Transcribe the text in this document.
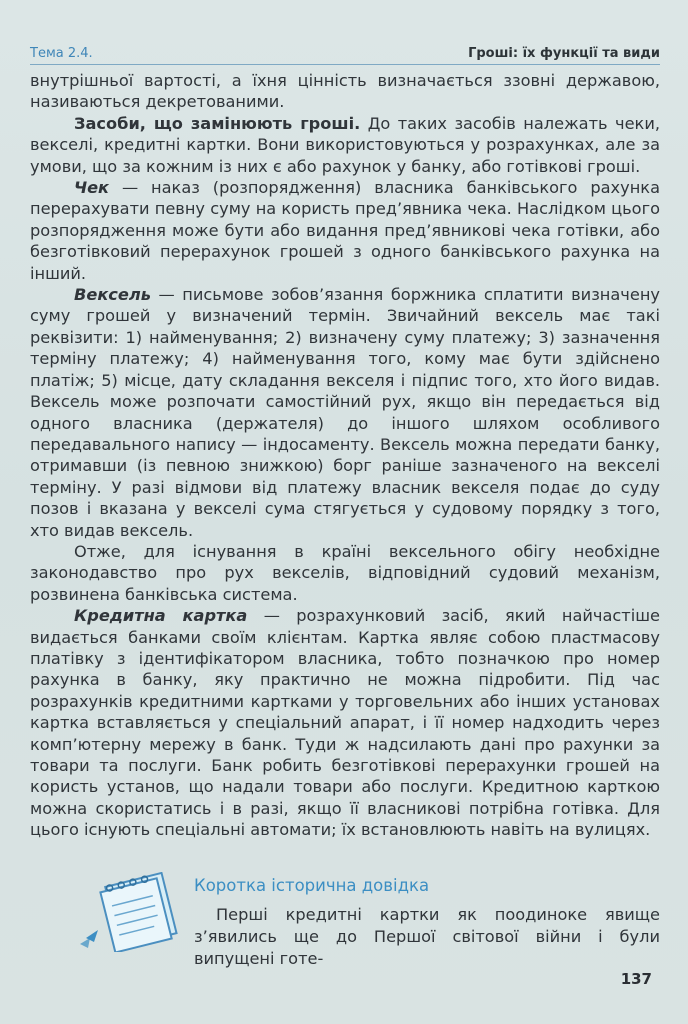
Тема 2.4.	Гроші: їх функції та види

внутрішньої вартості, а їхня цінність визначається ззовні державою, називаються декретованими.

Засоби, що замінюють гроші. До таких засобів належать чеки, векселі, кредитні картки. Вони використовуються у розрахунках, але за умови, що за кожним із них є або рахунок у банку, або готівкові гроші.

Чек — наказ (розпорядження) власника банківського рахунка перерахувати певну суму на користь пред’явника чека. Наслідком цього розпорядження може бути або видання пред’явникові чека готівки, або безготівковий перерахунок грошей з одного банківського рахунка на інший.

Вексель — письмове зобов’язання боржника сплатити визначену суму грошей у визначений термін. Звичайний вексель має такі реквізити: 1) найменування; 2) визначену суму платежу; 3) зазначення терміну платежу; 4) найменування того, кому має бути здійснено платіж; 5) місце, дату складання векселя і підпис того, хто його видав. Вексель може розпочати самостійний рух, якщо він передається від одного власника (держателя) до іншого шляхом особливого передавального напису — індосаменту. Вексель можна передати банку, отримавши (із певною знижкою) борг раніше зазначеного на векселі терміну. У разі відмови від платежу власник векселя подає до суду позов і вказана у векселі сума стягується у судовому порядку з того, хто видав вексель.

Отже, для існування в країні вексельного обігу необхідне законодавство про рух векселів, відповідний судовий механізм, розвинена банківська система.

Кредитна картка — розрахунковий засіб, який найчастіше видається банками своїм клієнтам. Картка являє собою пластмасову платівку з ідентифікатором власника, тобто позначкою про номер рахунка в банку, яку практично не можна підробити. Під час розрахунків кредитними картками у торговельних або інших установах картка вставляється у спеціальний апарат, і її номер надходить через комп’ютерну мережу в банк. Туди ж надсилають дані про рахунки за товари та послуги. Банк робить безготівкові перерахунки грошей на користь установ, що надали товари або послуги. Кредитною карткою можна скористатись і в разі, якщо її власникові потрібна готівка. Для цього існують спеціальні автомати; їх встановлюють навіть на вулицях.

Коротка історична довідка
Перші кредитні картки як поодиноке явище з’явились ще до Першої світової війни і були випущені готе-
137
